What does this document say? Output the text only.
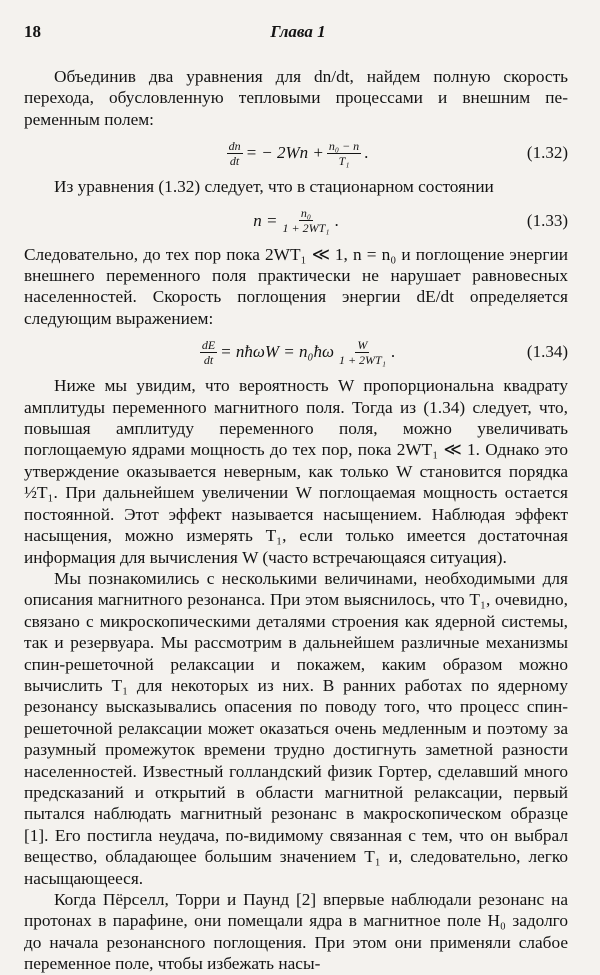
18	Глава 1

Объединив два уравнения для dn/dt, найдем полную скорость перехода, обусловленную тепловыми процессами и внешним переменным полем:

$\frac{dn}{dt}$ = − $2Wn + \frac{\text{n₀ − n}}{\text{T₁}}$ .	(1.32)

Из уравнения (1.32) следует, что в стационарном состоянии

$n = \frac{\text{n₀}}{\text{1 + 2WT₁}}$ .	(1.33)

Следовательно, до тех пор пока 2WT₁ ≪ 1, n = n₀ и поглощение энергии внешнего переменного поля практически не нарушает равновесных населенностей. Скорость поглощения энергии dE/dt определяется следующим выражением:

$\frac{dE}{dt}$ = nħωW = n₀ħω $\frac{W}{\text{1 + 2WT₁}}$ .	(1.34)

Ниже мы увидим, что вероятность W пропорциональна квадрату амплитуды переменного магнитного поля. Тогда из (1.34) следует, что, повышая амплитуду переменного поля, можно увеличивать поглощаемую ядрами мощность до тех пор, пока 2WT₁ ≪ 1. Однако это утверждение оказывается неверным, как только W становится порядка ½T₁. При дальнейшем увеличении W поглощаемая мощность остается постоянной. Этот эффект называется насыщением. Наблюдая эффект насыщения, можно измерять T₁, если только имеется достаточная информация для вычисления W (часто встречающаяся ситуация).

Мы познакомились с несколькими величинами, необходимыми для описания магнитного резонанса. При этом выяснилось, что T₁, очевидно, связано с микроскопическими деталями строения как ядерной системы, так и резервуара. Мы рассмотрим в дальнейшем различные механизмы спин-решеточной релаксации и покажем, каким образом можно вычислить T₁ для некоторых из них. В ранних работах по ядерному резонансу высказывались опасения по поводу того, что процесс спин-решеточной релаксации может оказаться очень медленным и поэтому за разумный промежуток времени трудно достигнуть заметной разности населенностей. Известный голландский физик Гортер, сделавший много предсказаний и открытий в области магнитной релаксации, первый пытался наблюдать магнитный резонанс в макроскопическом образце [1]. Его постигла неудача, по-видимому связанная с тем, что он выбрал вещество, обладающее большим значением T₁ и, следовательно, легко насыщающееся.

Когда Пёрселл, Торри и Паунд [2] впервые наблюдали резонанс на протонах в парафине, они помещали ядра в магнитное поле H₀ задолго до начала резонансного поглощения. При этом они применяли слабое переменное поле, чтобы избежать насы-
